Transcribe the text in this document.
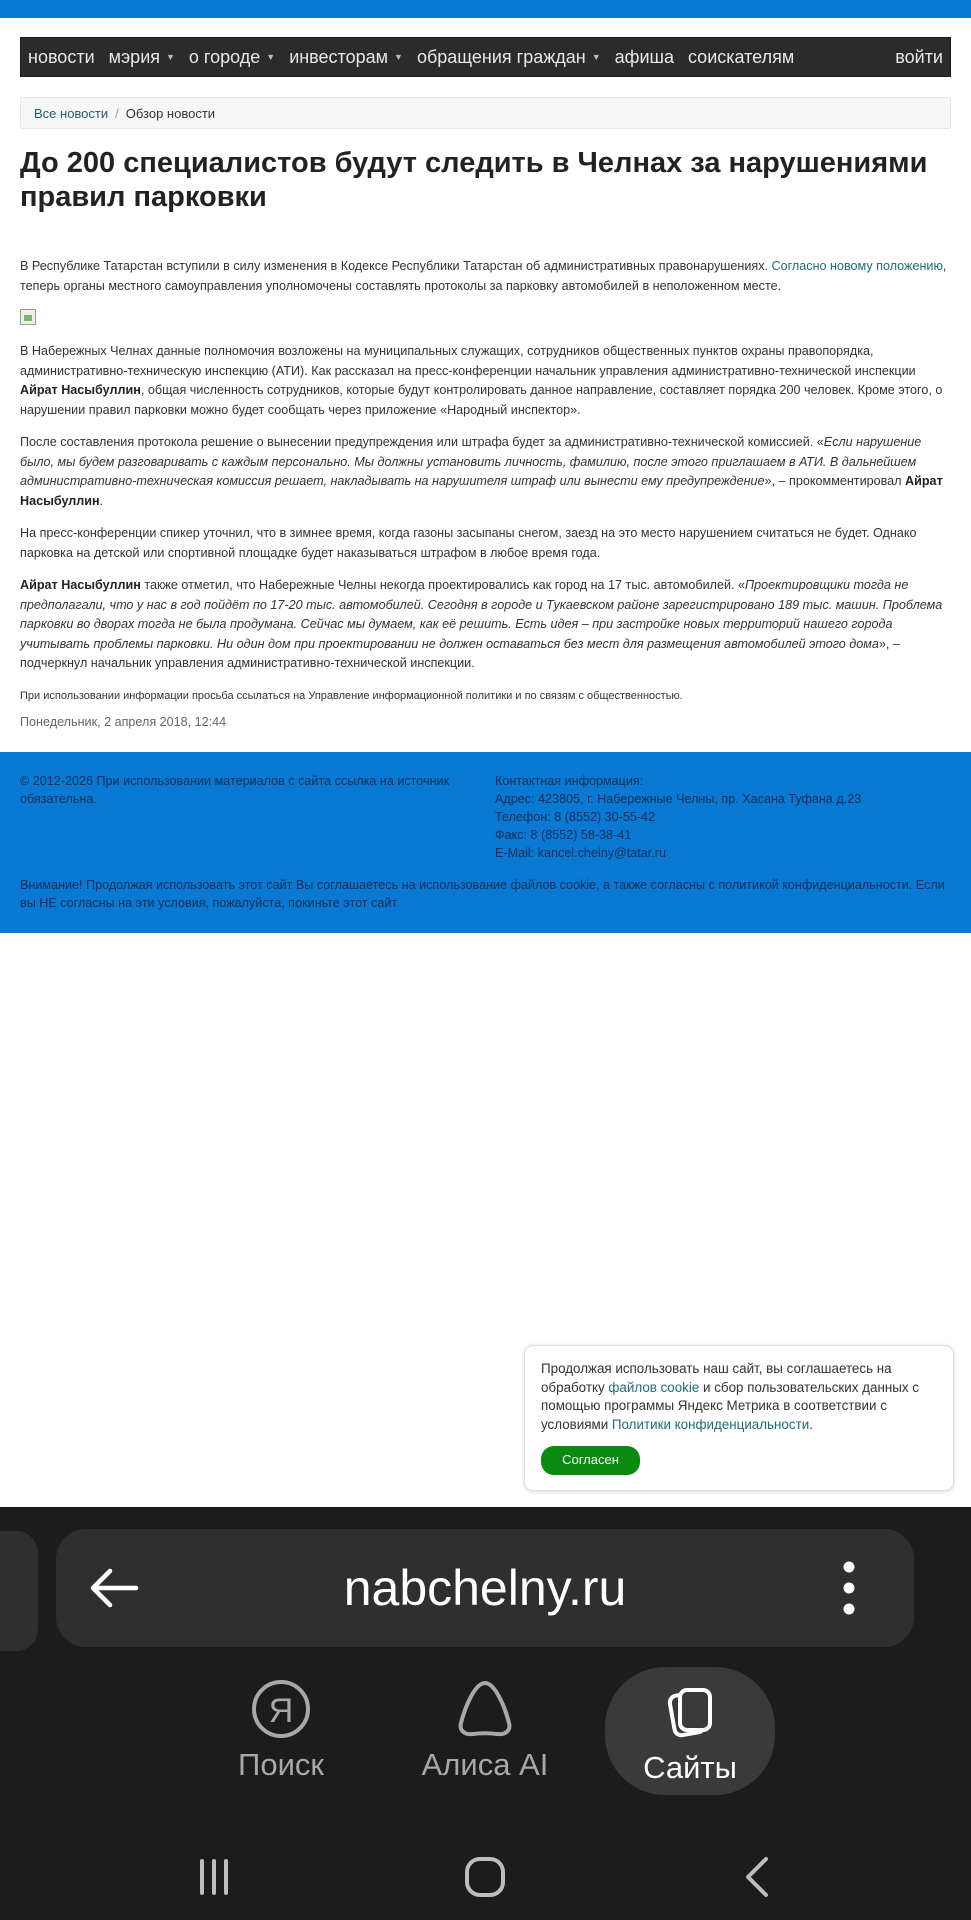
новости мэрия ▼ о городе ▼ инвесторам ▼ обращения граждан ▼ афиша соискателям	войти
Все новости / Обзор новости
До 200 специалистов будут следить в Челнах за нарушениями правил парковки

В Республике Татарстан вступили в силу изменения в Кодексе Республики Татарстан об административных правонарушениях. Согласно новому положению, теперь органы местного самоуправления уполномочены составлять протоколы за парковку автомобилей в неположенном месте.

В Набережных Челнах данные полномочия возложены на муниципальных служащих, сотрудников общественных пунктов охраны правопорядка, административно-техническую инспекцию (АТИ). Как рассказал на пресс-конференции начальник управления административно-технической инспекции Айрат Насыбуллин, общая численность сотрудников, которые будут контролировать данное направление, составляет порядка 200 человек. Кроме этого, о нарушении правил парковки можно будет сообщать через приложение «Народный инспектор».

После составления протокола решение о вынесении предупреждения или штрафа будет за административно-технической комиссией. «Если нарушение было, мы будем разговаривать с каждым персонально. Мы должны установить личность, фамилию, после этого приглашаем в АТИ. В дальнейшем административно-техническая комиссия решает, накладывать на нарушителя штраф или вынести ему предупреждение», – прокомментировал Айрат Насыбуллин.

На пресс-конференции спикер уточнил, что в зимнее время, когда газоны засыпаны снегом, заезд на это место нарушением считаться не будет. Однако парковка на детской или спортивной площадке будет наказываться штрафом в любое время года.

Айрат Насыбуллин также отметил, что Набережные Челны некогда проектировались как город на 17 тыс. автомобилей. «Проектировщики тогда не предполагали, что у нас в год пойдёт по 17-20 тыс. автомобилей. Сегодня в городе и Тукаевском районе зарегистрировано 189 тыс. машин. Проблема парковки во дворах тогда не была продумана. Сейчас мы думаем, как её решить. Есть идея – при застройке новых территорий нашего города учитывать проблемы парковки. Ни один дом при проектировании не должен оставаться без мест для размещения автомобилей этого дома», – подчеркнул начальник управления административно-технической инспекции.

При использовании информации просьба ссылаться на Управление информационной политики и по связям с общественностью.
Понедельник, 2 апреля 2018, 12:44
© 2012-2026 При использовании материалов с сайта ссылка на источник обязательна.
Контактная информация:
Адрес: 423805, г. Набережные Челны, пр. Хасана Туфана д.23
Телефон: 8 (8552) 30-55-42
Факс: 8 (8552) 58-38-41
E-Mail: kancel.chelny@tatar.ru
Внимание! Продолжая использовать этот сайт Вы соглашаетесь на использование файлов cookie, а также согласны с политикой конфиденциальности. Если вы НЕ согласны на эти условия, пожалуйста, покиньте этот сайт
Продолжая использовать наш сайт, вы соглашаетесь на обработку файлов cookie и сбор пользовательских данных с помощью программы Яндекс Метрика в соответствии с условиями Политики конфиденциальности.
Согласен
nabchelny.ru
Я
Поиск	Алиса AI	Сайты
